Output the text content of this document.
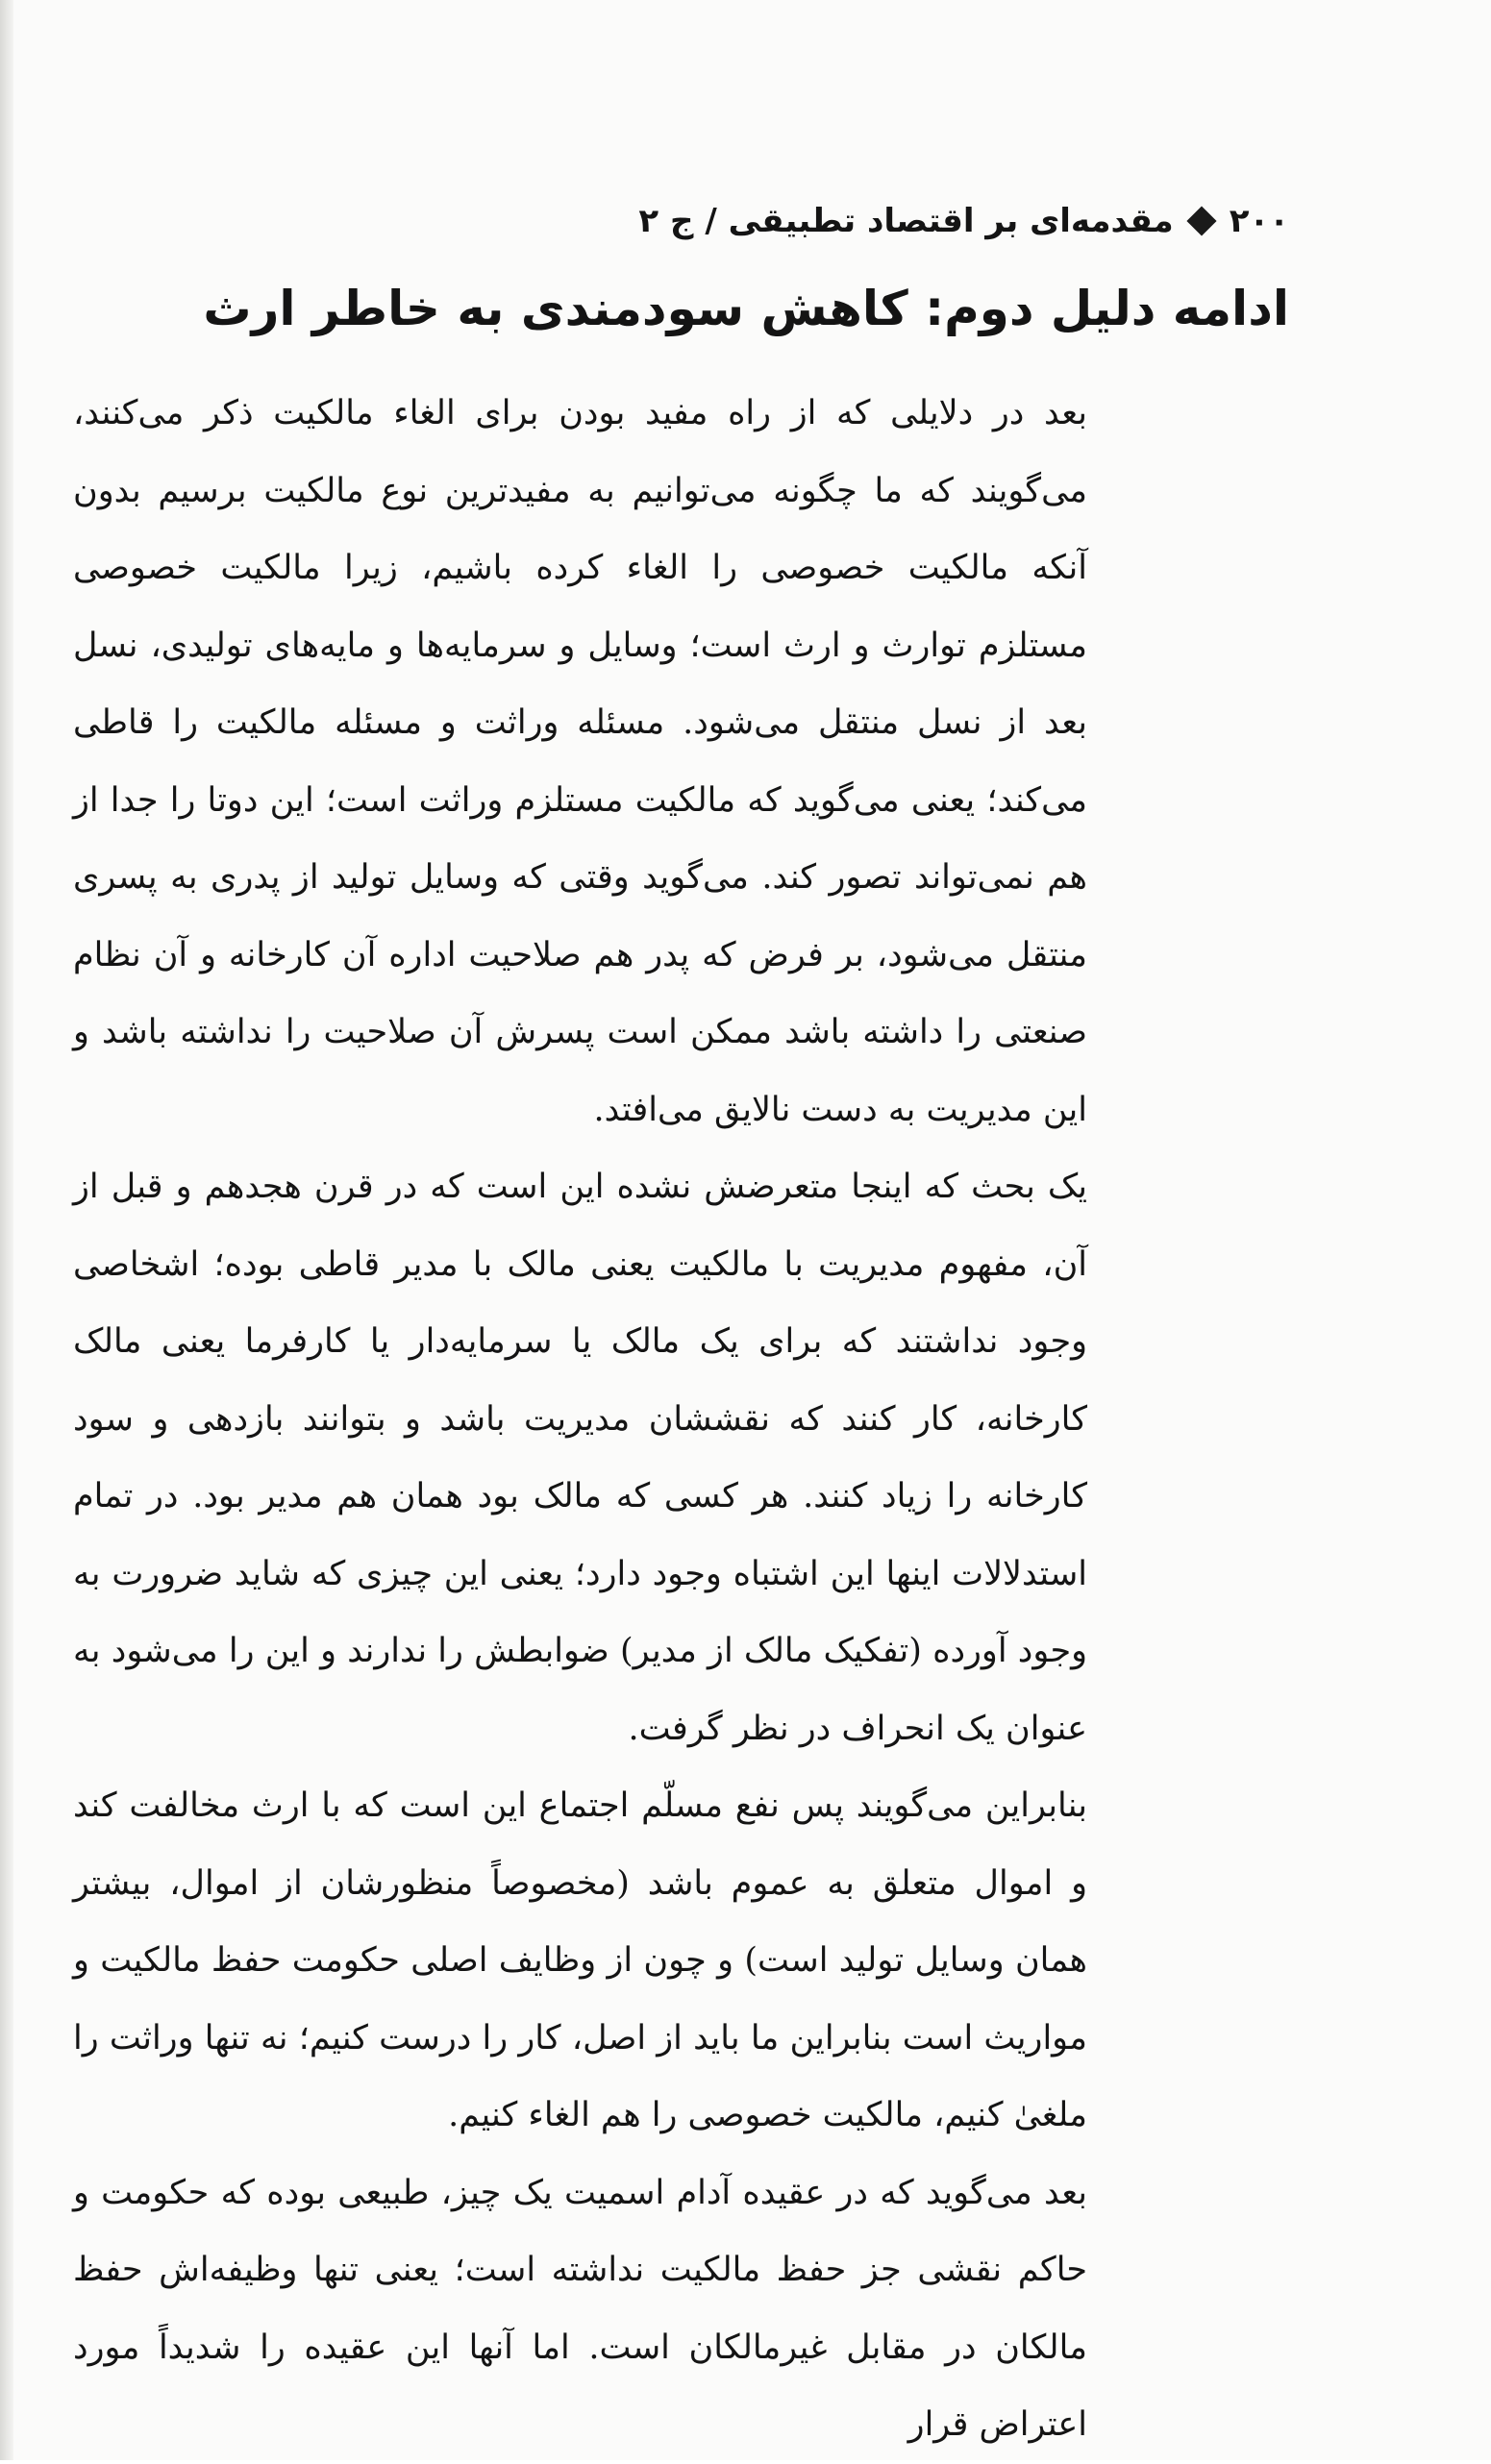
۲۰۰
مقدمه‌ای بر اقتصاد تطبیقی / ج ۲
ادامه دلیل دوم: کاهش سودمندی به خاطر ارث

بعد در دلایلی که از راه مفید بودن برای الغاء مالکیت ذکر می‌کنند، می‌گویند که ما چگونه می‌توانیم به مفیدترین نوع مالکیت برسیم بدون آنکه مالکیت خصوصی را الغاء کرده باشیم، زیرا مالکیت خصوصی مستلزم توارث و ارث است؛ وسایل و سرمایه‌ها و مایه‌های تولیدی، نسل بعد از نسل منتقل می‌شود. مسئله وراثت و مسئله مالکیت را قاطی می‌کند؛ یعنی می‌گوید که مالکیت مستلزم وراثت است؛ این دوتا را جدا از هم نمی‌تواند تصور کند. می‌گوید وقتی که وسایل تولید از پدری به پسری منتقل می‌شود، بر فرض که پدر هم صلاحیت اداره آن کارخانه و آن نظام صنعتی را داشته باشد ممکن است پسرش آن صلاحیت را نداشته باشد و این مدیریت به دست نالایق می‌افتد.

یک بحث که اینجا متعرضش نشده این است که در قرن هجدهم و قبل از آن، مفهوم مدیریت با مالکیت یعنی مالک با مدیر قاطی بوده؛ اشخاصی وجود نداشتند که برای یک مالک یا سرمایه‌دار یا کارفرما یعنی مالک کارخانه، کار کنند که نقششان مدیریت باشد و بتوانند بازدهی و سود کارخانه را زیاد کنند. هر کسی که مالک بود همان هم مدیر بود. در تمام استدلالات اینها این اشتباه وجود دارد؛ یعنی این چیزی که شاید ضرورت به وجود آورده (تفکیک مالک از مدیر) ضوابطش را ندارند و این را می‌شود به عنوان یک انحراف در نظر گرفت.

بنابراین می‌گویند پس نفع مسلّم اجتماع این است که با ارث مخالفت کند و اموال متعلق به عموم باشد (مخصوصاً منظورشان از اموال، بیشتر همان وسایل تولید است) و چون از وظایف اصلی حکومت حفظ مالکیت و مواریث است بنابراین ما باید از اصل، کار را درست کنیم؛ نه تنها وراثت را ملغیٰ کنیم، مالکیت خصوصی را هم الغاء کنیم.

بعد می‌گوید که در عقیده آدام اسمیت یک چیز، طبیعی بوده که حکومت و حاکم نقشی جز حفظ مالکیت نداشته است؛ یعنی تنها وظیفه‌اش حفظ مالکان در مقابل غیرمالکان است. اما آنها این عقیده را شدیداً مورد اعتراض قرار
